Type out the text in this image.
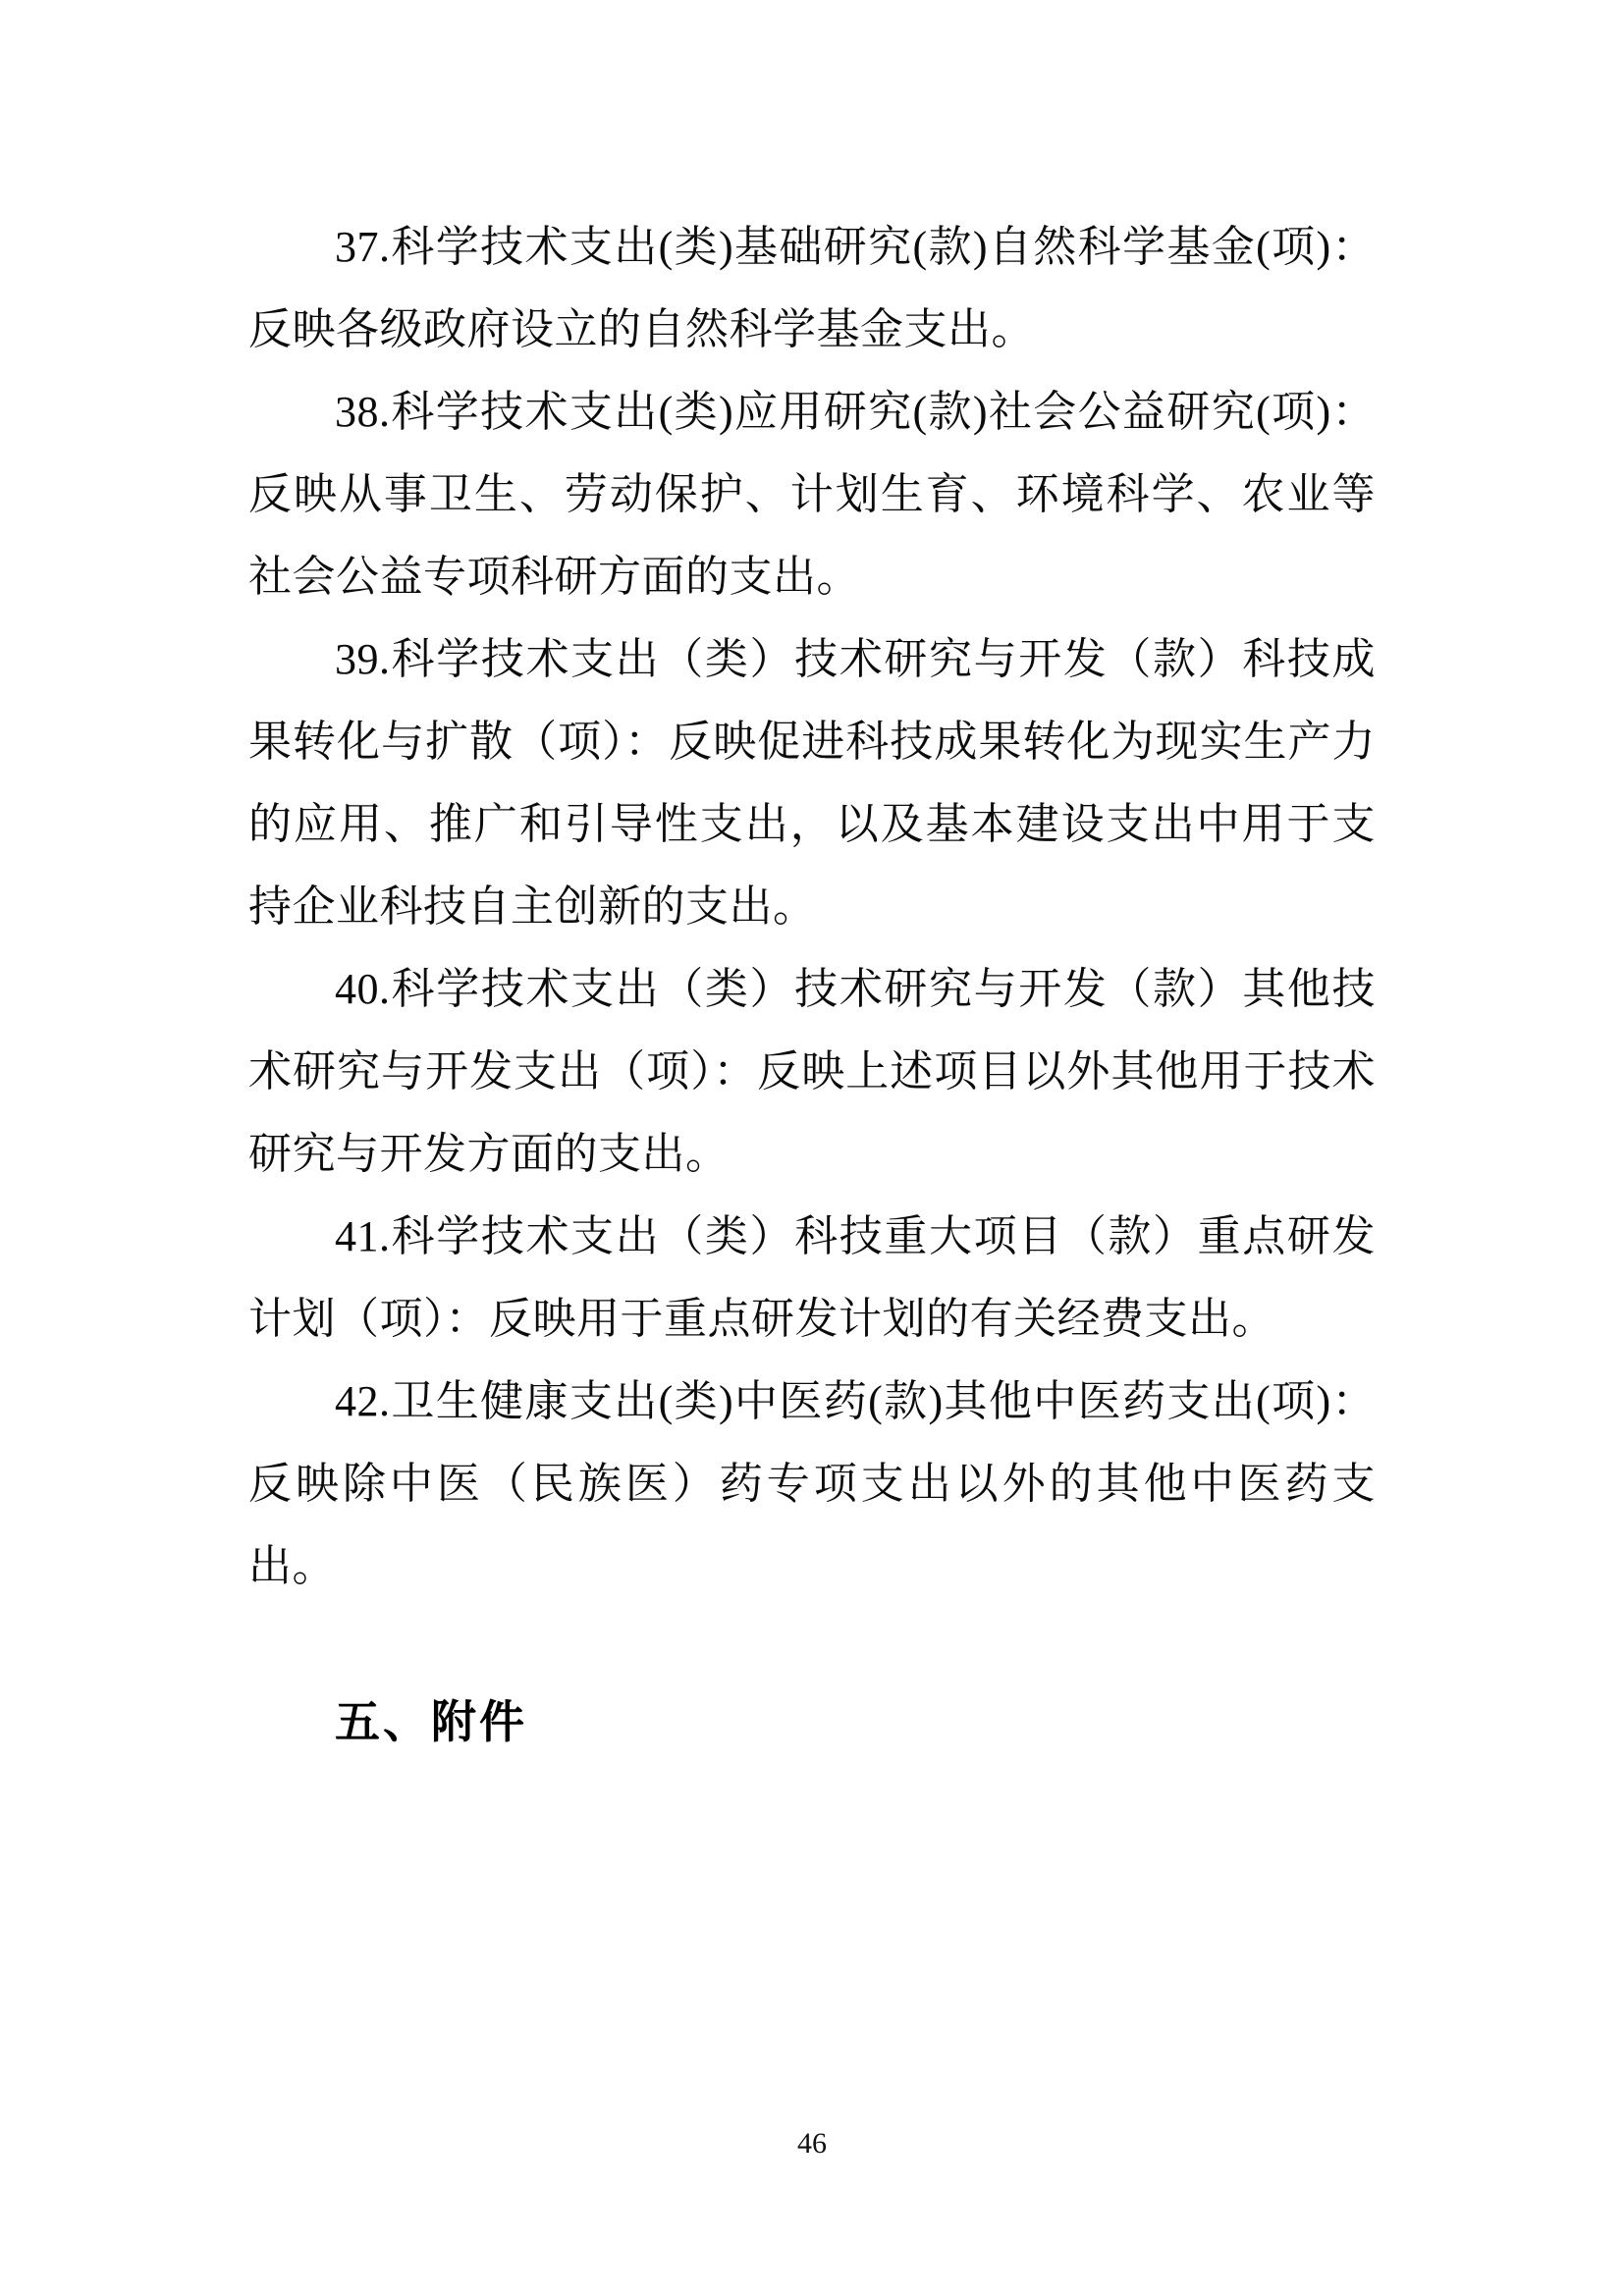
37.科学技术支出(类)基础研究(款)自然科学基金(项)：反映各级政府设立的自然科学基金支出。

38.科学技术支出(类)应用研究(款)社会公益研究(项)：反映从事卫生、劳动保护、计划生育、环境科学、农业等社会公益专项科研方面的支出。

39.科学技术支出（类）技术研究与开发（款）科技成果转化与扩散（项）：反映促进科技成果转化为现实生产力的应用、推广和引导性支出，以及基本建设支出中用于支持企业科技自主创新的支出。

40.科学技术支出（类）技术研究与开发（款）其他技术研究与开发支出（项）：反映上述项目以外其他用于技术研究与开发方面的支出。

41.科学技术支出（类）科技重大项目（款）重点研发计划（项）：反映用于重点研发计划的有关经费支出。

42.卫生健康支出(类)中医药(款)其他中医药支出(项)：反映除中医（民族医）药专项支出以外的其他中医药支出。

五、附件
46
